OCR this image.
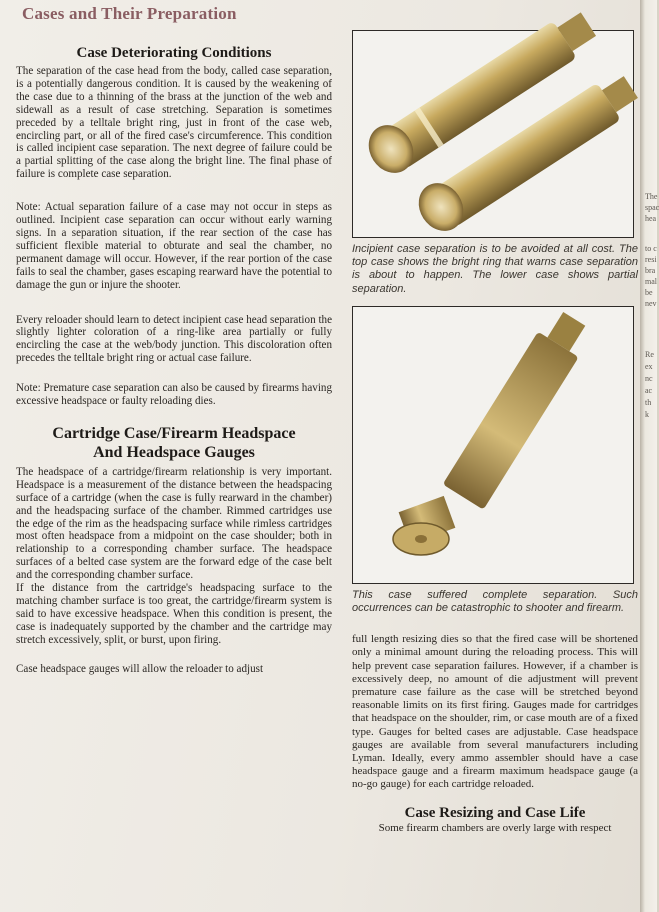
Cases and Their Preparation
Case Deteriorating Conditions

The separation of the case head from the body, called case separation, is a potentially dangerous condition. It is caused by the weakening of the case due to a thinning of the brass at the junction of the web and sidewall as a result of case stretching. Separation is sometimes preceded by a telltale bright ring, just in front of the case web, encircling part, or all of the fired case's circumference. This condition is called incipient case separation. The next degree of failure could be a partial splitting of the case along the bright line. The final phase of failure is complete case separation.

Note: Actual separation failure of a case may not occur in steps as outlined. Incipient case separation can occur without early warning signs. In a separation situation, if the rear section of the case has sufficient flexible material to obturate and seal the chamber, no permanent damage will occur. However, if the rear portion of the case fails to seal the chamber, gases escaping rearward have the potential to damage the gun or injure the shooter.

Every reloader should learn to detect incipient case head separation the slightly lighter coloration of a ring-like area partially or fully encircling the case at the web/body junction. This discoloration often precedes the telltale bright ring or actual case failure.

Note: Premature case separation can also be caused by firearms having excessive headspace or faulty reloading dies.

Cartridge Case/Firearm Headspace
And Headspace Gauges

The headspace of a cartridge/firearm relationship is very important. Headspace is a measurement of the distance between the headspacing surface of a cartridge (when the case is fully rearward in the chamber) and the headspacing surface of the chamber. Rimmed cartridges use the edge of the rim as the headspacing surface while rimless cartridges most often headspace from a midpoint on the case shoulder; both in relationship to a corresponding chamber surface. The headspace surfaces of a belted case system are the forward edge of the case belt and the corresponding chamber surface.

If the distance from the cartridge's headspacing surface to the matching chamber surface is too great, the cartridge/firearm system is said to have excessive headspace. When this condition is present, the case is inadequately supported by the chamber and the cartridge may stretch excessively, split, or burst, upon firing.

Case headspace gauges will allow the reloader to adjust

Incipient case separation is to be avoided at all cost. The top case shows the bright ring that warns case separation is about to happen. The lower case shows partial separation.

This case suffered complete separation. Such occurrences can be catastrophic to shooter and firearm.

full length resizing dies so that the fired case will be shortened only a minimal amount during the reloading process. This will help prevent case separation failures. However, if a chamber is excessively deep, no amount of die adjustment will prevent premature case failure as the case will be stretched beyond reasonable limits on its first firing. Gauges made for cartridges that headspace on the shoulder, rim, or case mouth are of a fixed type. Gauges for belted cases are adjustable. Case headspace gauges are available from several manufacturers including Lyman. Ideally, every ammo assembler should have a case headspace gauge and a firearm maximum headspace gauge (a no-go gauge) for each cartridge reloaded.

Case Resizing and Case Life

Some firearm chambers are overly large with respect

The
spac
hea
to c
resi
bra
mal
be
nev
Re
ex
nc
ac
th
k
